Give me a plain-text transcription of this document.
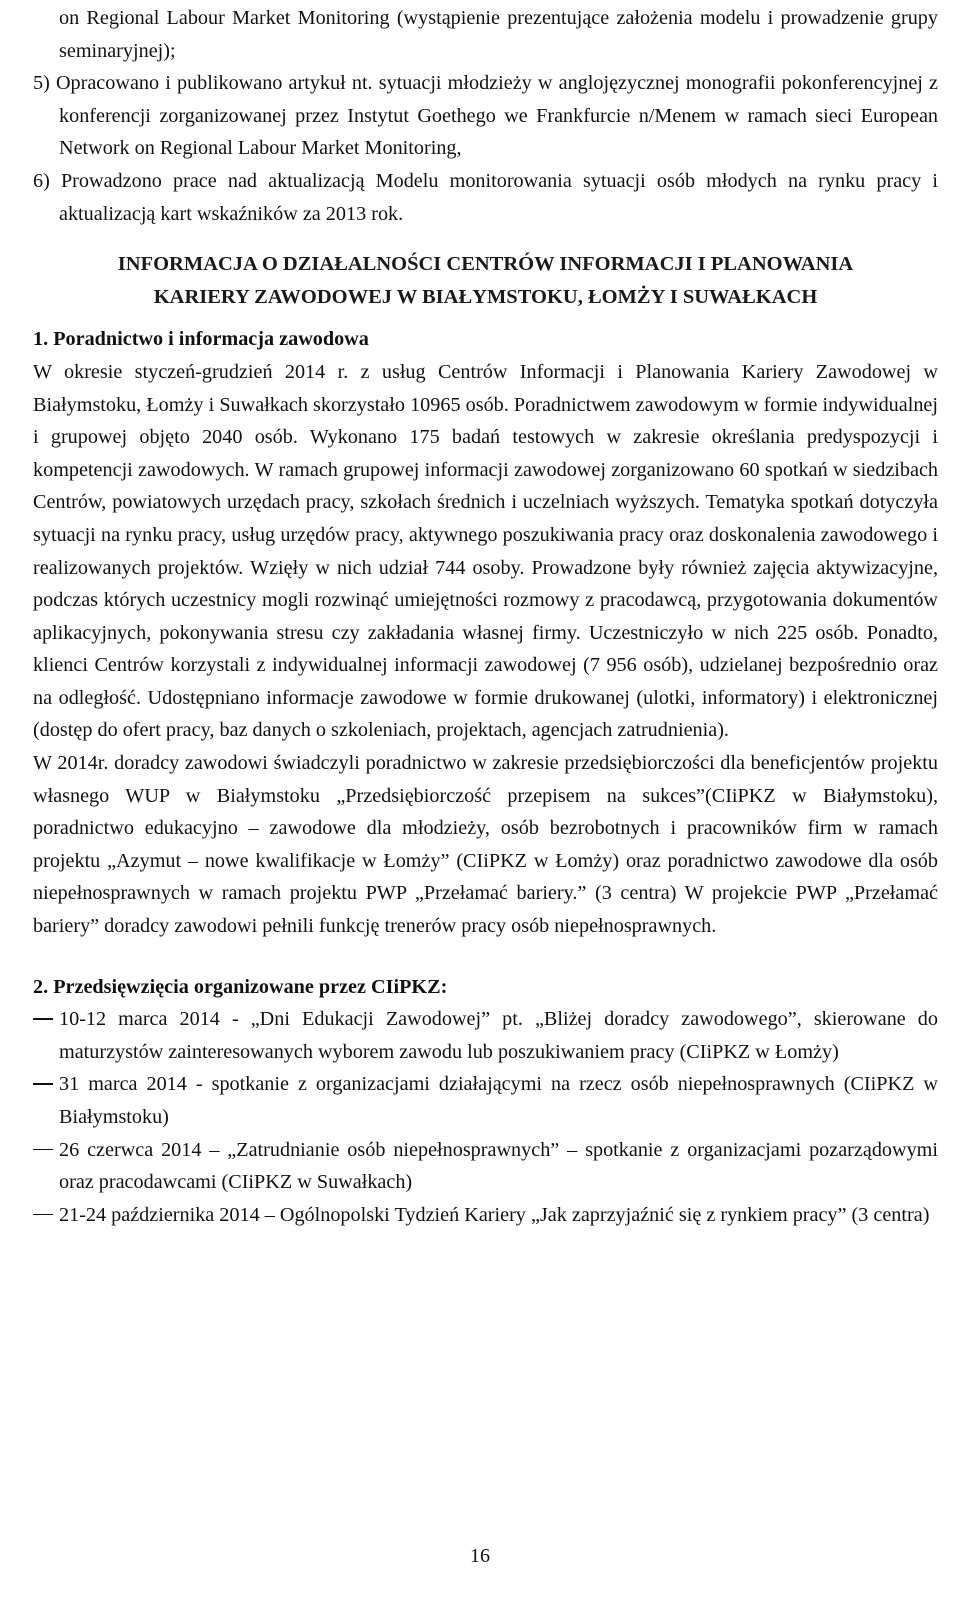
on Regional Labour Market Monitoring (wystąpienie prezentujące założenia modelu i prowadzenie grupy seminaryjnej);

5) Opracowano i publikowano artykuł nt. sytuacji młodzieży w anglojęzycznej monografii pokonferencyjnej z konferencji zorganizowanej przez Instytut Goethego we Frankfurcie n/Menem w ramach sieci European Network on Regional Labour Market Monitoring,

6) Prowadzono prace nad aktualizacją Modelu monitorowania sytuacji osób młodych na rynku pracy i aktualizacją kart wskaźników za 2013 rok.

INFORMACJA O DZIAŁALNOŚCI CENTRÓW INFORMACJI I PLANOWANIA
KARIERY ZAWODOWEJ W BIAŁYMSTOKU, ŁOMŻY I SUWAŁKACH

1. Poradnictwo i informacja zawodowa

W okresie styczeń-grudzień 2014 r. z usług Centrów Informacji i Planowania Kariery Zawodowej w Białymstoku, Łomży i Suwałkach skorzystało 10965 osób. Poradnictwem zawodowym w formie indywidualnej i grupowej objęto 2040 osób. Wykonano 175 badań testowych w zakresie określania predyspozycji i kompetencji zawodowych. W ramach grupowej informacji zawodowej zorganizowano 60 spotkań w siedzibach Centrów, powiatowych urzędach pracy, szkołach średnich i uczelniach wyższych. Tematyka spotkań dotyczyła sytuacji na rynku pracy, usług urzędów pracy, aktywnego poszukiwania pracy oraz doskonalenia zawodowego i realizowanych projektów. Wzięły w nich udział 744 osoby. Prowadzone były również zajęcia aktywizacyjne, podczas których uczestnicy mogli rozwinąć umiejętności rozmowy z pracodawcą, przygotowania dokumentów aplikacyjnych, pokonywania stresu czy zakładania własnej firmy. Uczestniczyło w nich 225 osób. Ponadto, klienci Centrów korzystali z indywidualnej informacji zawodowej (7 956 osób), udzielanej bezpośrednio oraz na odległość. Udostępniano informacje zawodowe w formie drukowanej (ulotki, informatory) i elektronicznej (dostęp do ofert pracy, baz danych o szkoleniach, projektach, agencjach zatrudnienia).

W 2014r. doradcy zawodowi świadczyli poradnictwo w zakresie przedsiębiorczości dla beneficjentów projektu własnego WUP w Białymstoku „Przedsiębiorczość przepisem na sukces”(CIiPKZ w Białymstoku), poradnictwo edukacyjno – zawodowe dla młodzieży, osób bezrobotnych i pracowników firm w ramach projektu „Azymut – nowe kwalifikacje w Łomży” (CIiPKZ w Łomży) oraz poradnictwo zawodowe dla osób niepełnosprawnych w ramach projektu PWP „Przełamać bariery.” (3 centra) W projekcie PWP „Przełamać bariery” doradcy zawodowi pełnili funkcję trenerów pracy osób niepełnosprawnych.

2. Przedsięwzięcia organizowane przez CIiPKZ:

10-12 marca 2014 - „Dni Edukacji Zawodowej” pt. „Bliżej doradcy zawodowego”, skierowane do maturzystów zainteresowanych wyborem zawodu lub poszukiwaniem pracy (CIiPKZ w Łomży)
31 marca 2014 - spotkanie z organizacjami działającymi na rzecz osób niepełnosprawnych (CIiPKZ w Białymstoku)
26 czerwca 2014 – „Zatrudnianie osób niepełnosprawnych” – spotkanie z organizacjami pozarządowymi oraz pracodawcami (CIiPKZ w Suwałkach)
21-24 października 2014 – Ogólnopolski Tydzień Kariery „Jak zaprzyjaźnić się z rynkiem pracy” (3 centra)
16
